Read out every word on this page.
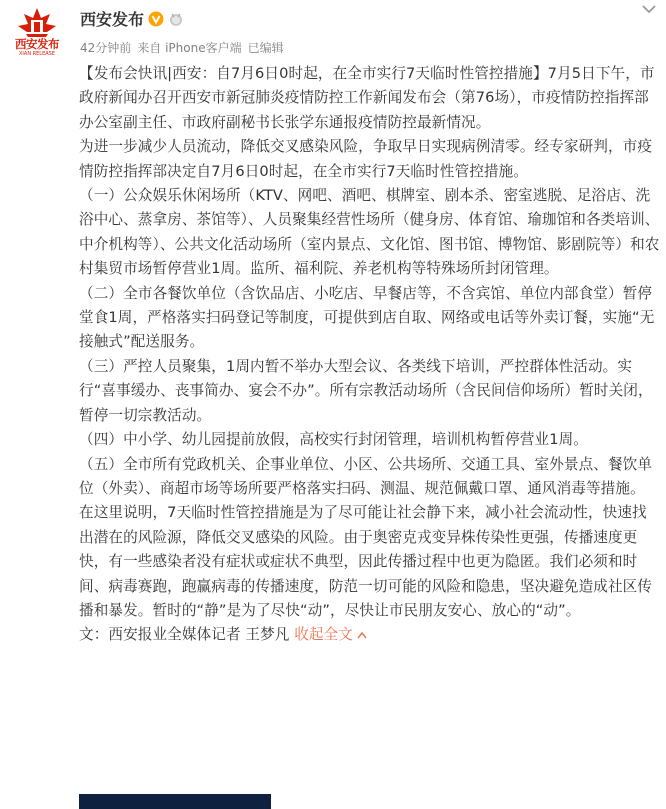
西安发布
XIAN RELEASE
西安发布
42分钟前 来自 iPhone客户端 已编辑

【发布会快讯|西安：自7月6日0时起，在全市实行7天临时性管控措施】7月5日下午，市政府新闻办召开西安市新冠肺炎疫情防控工作新闻发布会（第76场），市疫情防控指挥部办公室副主任、市政府副秘书长张学东通报疫情防控最新情况。

为进一步减少人员流动，降低交叉感染风险，争取早日实现病例清零。经专家研判，市疫情防控指挥部决定自7月6日0时起，在全市实行7天临时性管控措施。

（一）公众娱乐休闲场所（KTV、网吧、酒吧、棋牌室、剧本杀、密室逃脱、足浴店、洗浴中心、蒸拿房、茶馆等）、人员聚集经营性场所（健身房、体育馆、瑜珈馆和各类培训、中介机构等）、公共文化活动场所（室内景点、文化馆、图书馆、博物馆、影剧院等）和农村集贸市场暂停营业1周。监所、福利院、养老机构等特殊场所封闭管理。

（二）全市各餐饮单位（含饮品店、小吃店、早餐店等，不含宾馆、单位内部食堂）暂停堂食1周，严格落实扫码登记等制度，可提供到店自取、网络或电话等外卖订餐，实施“无接触式”配送服务。

（三）严控人员聚集，1周内暂不举办大型会议、各类线下培训，严控群体性活动。实行“喜事缓办、丧事简办、宴会不办”。所有宗教活动场所（含民间信仰场所）暂时关闭，暂停一切宗教活动。

（四）中小学、幼儿园提前放假，高校实行封闭管理，培训机构暂停营业1周。

（五）全市所有党政机关、企事业单位、小区、公共场所、交通工具、室外景点、餐饮单位（外卖）、商超市场等场所要严格落实扫码、测温、规范佩戴口罩、通风消毒等措施。

在这里说明，7天临时性管控措施是为了尽可能让社会静下来，减小社会流动性，快速找出潜在的风险源，降低交叉感染的风险。由于奥密克戎变异株传染性更强，传播速度更快，有一些感染者没有症状或症状不典型，因此传播过程中也更为隐匿。我们必须和时间、病毒赛跑，跑赢病毒的传播速度，防范一切可能的风险和隐患，坚决避免造成社区传播和暴发。暂时的“静”是为了尽快“动”，尽快让市民朋友安心、放心的“动”。

文：西安报业全媒体记者 王梦凡 收起全文
